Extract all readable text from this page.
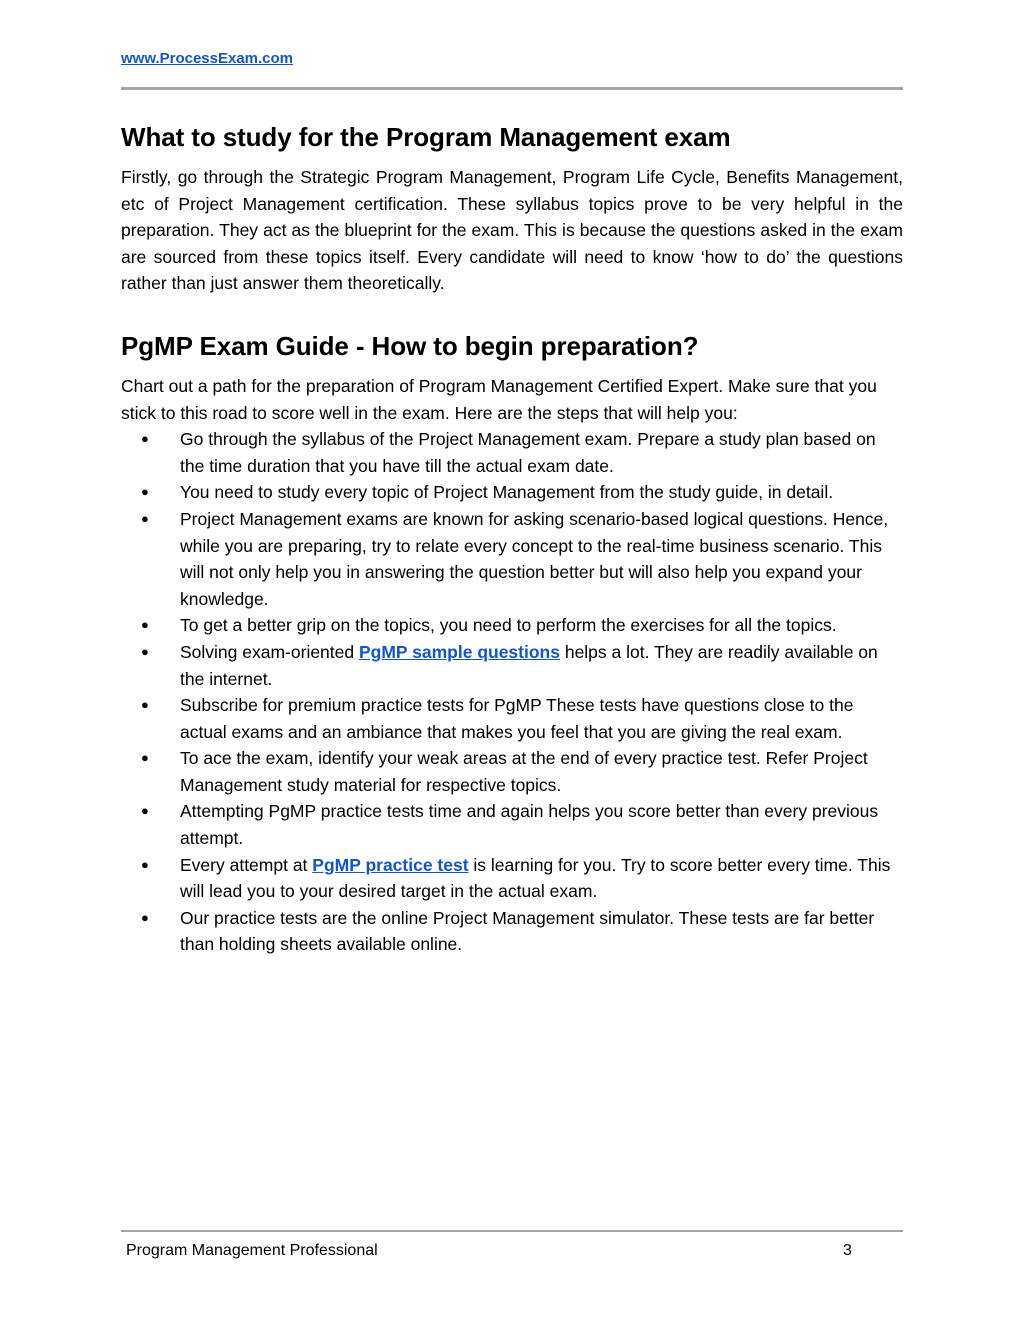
www.ProcessExam.com
What to study for the Program Management exam

Firstly, go through the Strategic Program Management, Program Life Cycle, Benefits Management, etc of Project Management certification. These syllabus topics prove to be very helpful in the preparation. They act as the blueprint for the exam. This is because the questions asked in the exam are sourced from these topics itself. Every candidate will need to know ‘how to do’ the questions rather than just answer them theoretically.

PgMP Exam Guide - How to begin preparation?

Chart out a path for the preparation of Program Management Certified Expert. Make sure that you stick to this road to score well in the exam. Here are the steps that will help you:

● Go through the syllabus of the Project Management exam. Prepare a study plan based on the time duration that you have till the actual exam date.
● You need to study every topic of Project Management from the study guide, in detail.
● Project Management exams are known for asking scenario-based logical questions. Hence, while you are preparing, try to relate every concept to the real-time business scenario. This will not only help you in answering the question better but will also help you expand your knowledge.
● To get a better grip on the topics, you need to perform the exercises for all the topics.
● Solving exam-oriented PgMP sample questions helps a lot. They are readily available on the internet.
● Subscribe for premium practice tests for PgMP These tests have questions close to the actual exams and an ambiance that makes you feel that you are giving the real exam.
● To ace the exam, identify your weak areas at the end of every practice test. Refer Project Management study material for respective topics.
● Attempting PgMP practice tests time and again helps you score better than every previous attempt.
● Every attempt at PgMP practice test is learning for you. Try to score better every time. This will lead you to your desired target in the actual exam.
● Our practice tests are the online Project Management simulator. These tests are far better than holding sheets available online.
Program Management Professional	3
